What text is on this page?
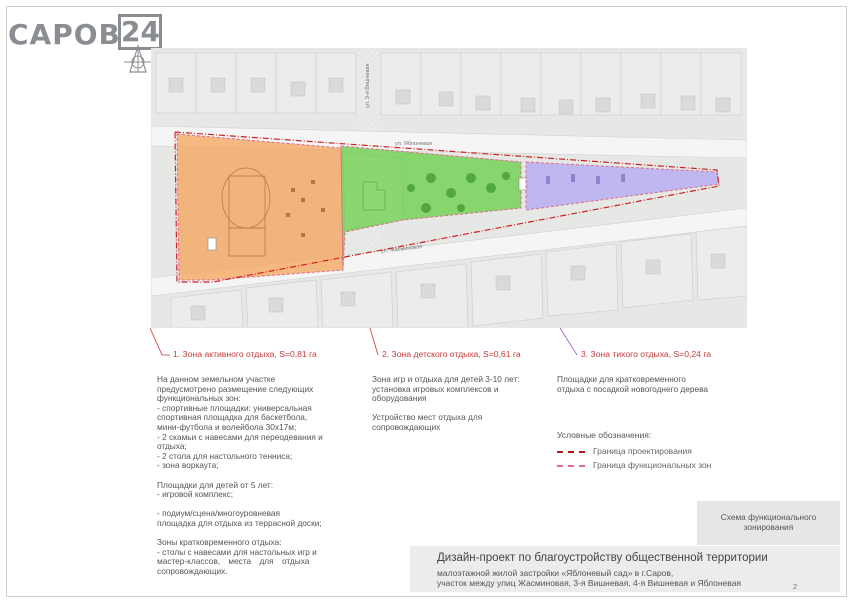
САРОВ 24
ул. 3-я Вишневая
ул. Яблоневая
ул. Жасминовая
1. Зона активного отдыха, S=0,81 га	2. Зона детского отдыха, S=0,61 га	3. Зона тихого отдыха, S=0,24 га

На данном земельном участке

предусмотрено размещение следующих

функциональных зон:

- спортивные площадки: универсальная

спортивная площадка для баскетбола,

мини-футбола и волейбола 30х17м;

- 2 скамьи с навесами для переодевания и

отдыха;

- 2 стола для настольного тенниса;

- зона воркаута;

Площадки для детей от 5 лет:

- игровой комплекс;

- подиум/сцена/многоуровневая

площадка для отдыха из террасной доски;

Зоны кратковременного отдыха:

- столы с навесами для настольных игр и

мастер-классов, места для отдыха

сопровождающих.

Зона игр и отдыха для детей 3-10 лет:

установка игровых комплексов и

оборудования

Устройство мест отдыха для

сопровождающих

Площадки для кратковременного

отдыха с посадкой новогоднего дерева

Условные обозначения:
Граница проектирования
Граница функциональных зон
Схема функционального
зонирования
Дизайн-проект по благоустройству общественной территории
малоэтажной жилой застройки «Яблоневый сад» в г.Саров,
участок между улиц Жасминовая, 3-я Вишневая, 4-я Вишневая и Яблоневая	2
